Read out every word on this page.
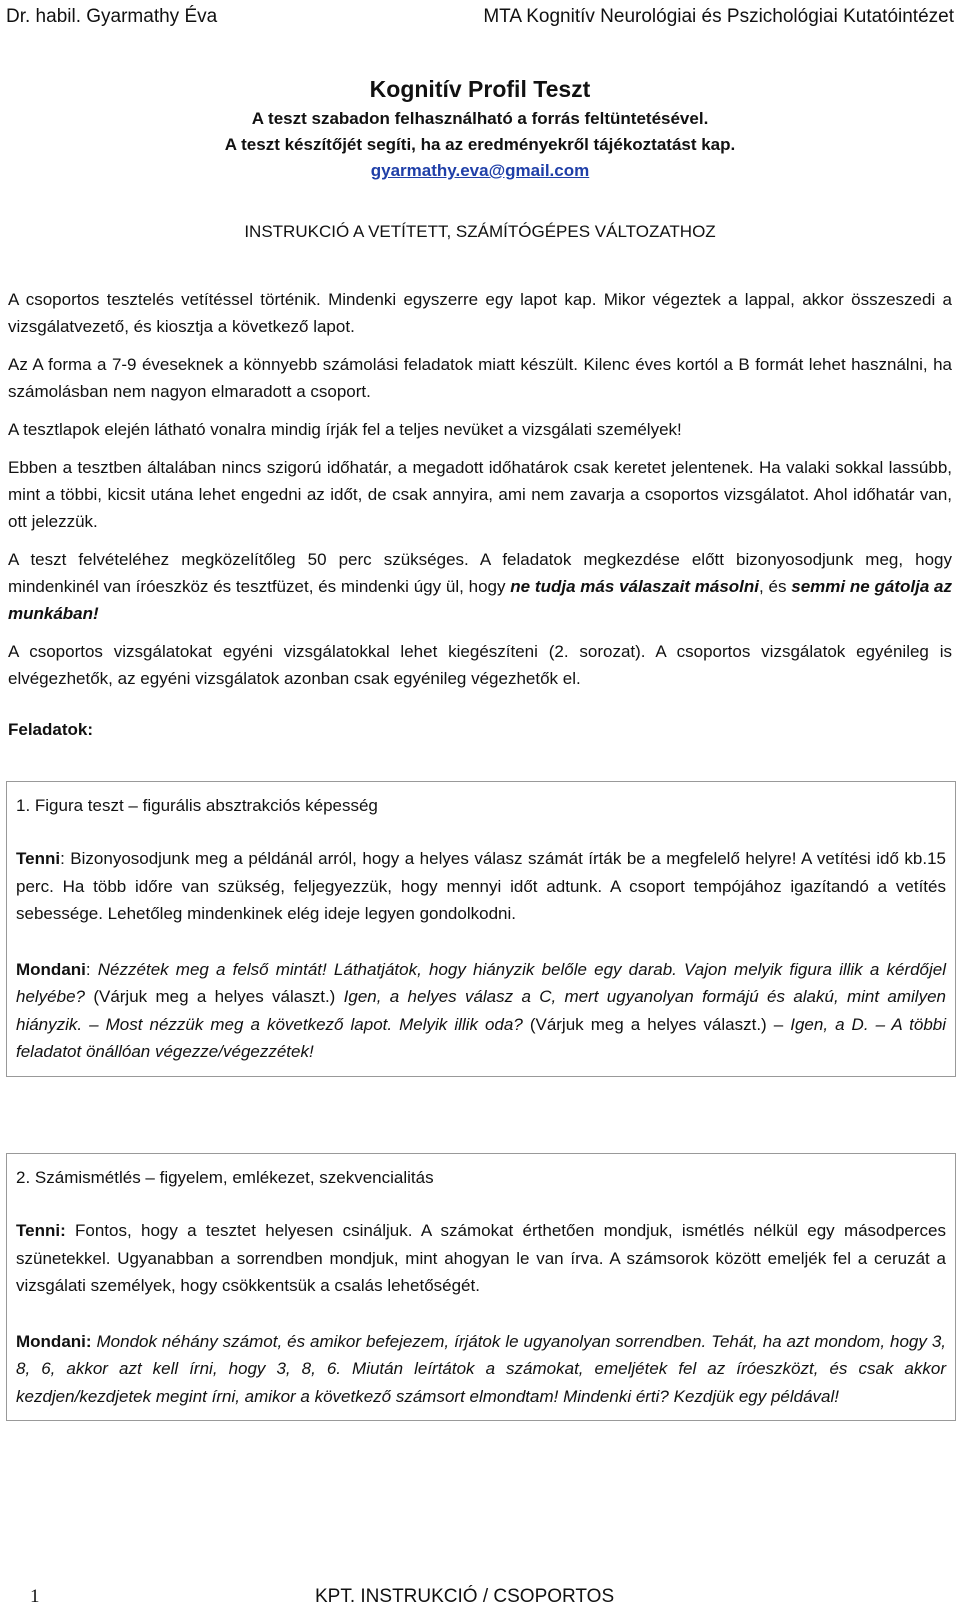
Dr. habil. Gyarmathy Éva	MTA Kognitív Neurológiai és Pszichológiai Kutatóintézet
Kognitív Profil Teszt
A teszt szabadon felhasználható a forrás feltüntetésével.
A teszt készítőjét segíti, ha az eredményekről tájékoztatást kap.
gyarmathy.eva@gmail.com
INSTRUKCIÓ A VETÍTETT, SZÁMÍTÓGÉPES VÁLTOZATHOZ

A csoportos tesztelés vetítéssel történik. Mindenki egyszerre egy lapot kap. Mikor végeztek a lappal, akkor összeszedi a vizsgálatvezető, és kiosztja a következő lapot.

Az A forma a 7-9 éveseknek a könnyebb számolási feladatok miatt készült. Kilenc éves kortól a B formát lehet használni, ha számolásban nem nagyon elmaradott a csoport.

A tesztlapok elején látható vonalra mindig írják fel a teljes nevüket a vizsgálati személyek!

Ebben a tesztben általában nincs szigorú időhatár, a megadott időhatárok csak keretet jelentenek. Ha valaki sokkal lassúbb, mint a többi, kicsit utána lehet engedni az időt, de csak annyira, ami nem zavarja a csoportos vizsgálatot. Ahol időhatár van, ott jelezzük.

A teszt felvételéhez megközelítőleg 50 perc szükséges. A feladatok megkezdése előtt bizonyosodjunk meg, hogy mindenkinél van íróeszköz és tesztfüzet, és mindenki úgy ül, hogy ne tudja más válaszait másolni, és semmi ne gátolja az munkában!

A csoportos vizsgálatokat egyéni vizsgálatokkal lehet kiegészíteni (2. sorozat). A csoportos vizsgálatok egyénileg is elvégezhetők, az egyéni vizsgálatok azonban csak egyénileg végezhetők el.

Feladatok:

1. Figura teszt – figurális absztrakciós képesség

Tenni: Bizonyosodjunk meg a példánál arról, hogy a helyes válasz számát írták be a megfelelő helyre! A vetítési idő kb.15 perc. Ha több időre van szükség, feljegyezzük, hogy mennyi időt adtunk. A csoport tempójához igazítandó a vetítés sebessége. Lehetőleg mindenkinek elég ideje legyen gondolkodni.

Mondani: Nézzétek meg a felső mintát! Láthatjátok, hogy hiányzik belőle egy darab. Vajon melyik figura illik a kérdőjel helyébe? (Várjuk meg a helyes választ.) Igen, a helyes válasz a C, mert ugyanolyan formájú és alakú, mint amilyen hiányzik. – Most nézzük meg a következő lapot. Melyik illik oda? (Várjuk meg a helyes választ.) – Igen, a D. – A többi feladatot önállóan végezze/végezzétek!

2. Számismétlés – figyelem, emlékezet, szekvencialitás

Tenni: Fontos, hogy a tesztet helyesen csináljuk. A számokat érthetően mondjuk, ismétlés nélkül egy másodperces szünetekkel. Ugyanabban a sorrendben mondjuk, mint ahogyan le van írva. A számsorok között emeljék fel a ceruzát a vizsgálati személyek, hogy csökkentsük a csalás lehetőségét.

Mondani: Mondok néhány számot, és amikor befejezem, írjátok le ugyanolyan sorrendben. Tehát, ha azt mondom, hogy 3, 8, 6, akkor azt kell írni, hogy 3, 8, 6. Miután leírtátok a számokat, emeljétek fel az íróeszközt, és csak akkor kezdjen/kezdjetek megint írni, amikor a következő számsort elmondtam! Mindenki érti? Kezdjük egy példával!

1	KPT. INSTRUKCIÓ / CSOPORTOS
